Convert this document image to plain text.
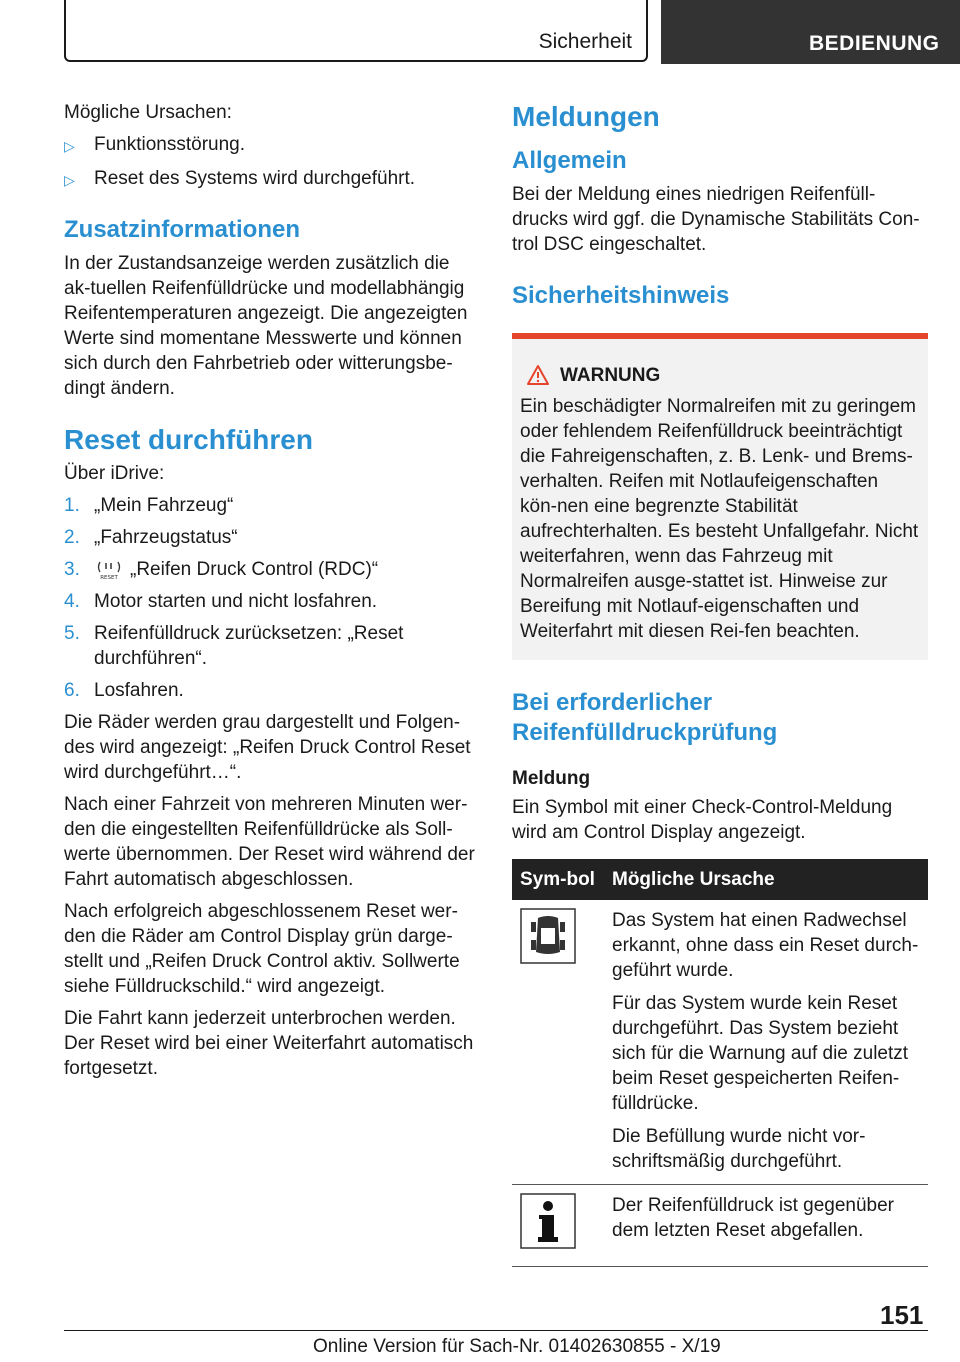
Sicherheit	BEDIENUNG

Mögliche Ursachen:

▷	Funktionsstörung.
▷	Reset des Systems wird durchgeführt.
Zusatzinformationen

In der Zustandsanzeige werden zusätzlich die ak-tuellen Reifenfülldrücke und modellabhängig Reifentemperaturen angezeigt. Die angezeigten Werte sind momentane Messwerte und können sich durch den Fahrbetrieb oder witterungsbe-dingt ändern.

Reset durchführen

Über iDrive:

1. „Mein Fahrzeug“
2. „Fahrzeugstatus“
3.	RESET „Reifen Druck Control (RDC)“
4. Motor starten und nicht losfahren.
5. Reifenfülldruck zurücksetzen: „Reset durchführen“.
6. Losfahren.

Die Räder werden grau dargestellt und Folgen-des wird angezeigt: „Reifen Druck Control Reset wird durchgeführt…“.

Nach einer Fahrzeit von mehreren Minuten wer-den die eingestellten Reifenfülldrücke als Soll-werte übernommen. Der Reset wird während der Fahrt automatisch abgeschlossen.

Nach erfolgreich abgeschlossenem Reset wer-den die Räder am Control Display grün darge-stellt und „Reifen Druck Control aktiv. Sollwerte siehe Fülldruckschild.“ wird angezeigt.

Die Fahrt kann jederzeit unterbrochen werden. Der Reset wird bei einer Weiterfahrt automatisch fortgesetzt.

Meldungen
Allgemein

Bei der Meldung eines niedrigen Reifenfüll-drucks wird ggf. die Dynamische Stabilitäts Con-trol DSC eingeschaltet.

Sicherheitshinweis
WARNUNG
Ein beschädigter Normalreifen mit zu geringem oder fehlendem Reifenfülldruck beeinträchtigt die Fahreigenschaften, z. B. Lenk- und Brems-verhalten. Reifen mit Notlaufeigenschaften kön-nen eine begrenzte Stabilität aufrechterhalten. Es besteht Unfallgefahr. Nicht weiterfahren, wenn das Fahrzeug mit Normalreifen ausge-stattet ist. Hinweise zur Bereifung mit Notlauf-eigenschaften und Weiterfahrt mit diesen Rei-fen beachten.
Bei erforderlicher Reifenfülldruckprüfung

Meldung

Ein Symbol mit einer Check-Control-Meldung wird am Control Display angezeigt.

Sym-bol	Mögliche Ursache

Das System hat einen Radwechsel erkannt, ohne dass ein Reset durch-geführt wurde.

Für das System wurde kein Reset durchgeführt. Das System bezieht sich für die Warnung auf die zuletzt beim Reset gespeicherten Reifen-fülldrücke.

Die Befüllung wurde nicht vor-schriftsmäßig durchgeführt.

	Der Reifenfülldruck ist gegenüber dem letzten Reset abgefallen.
151
Online Version für Sach-Nr. 01402630855 - X/19
